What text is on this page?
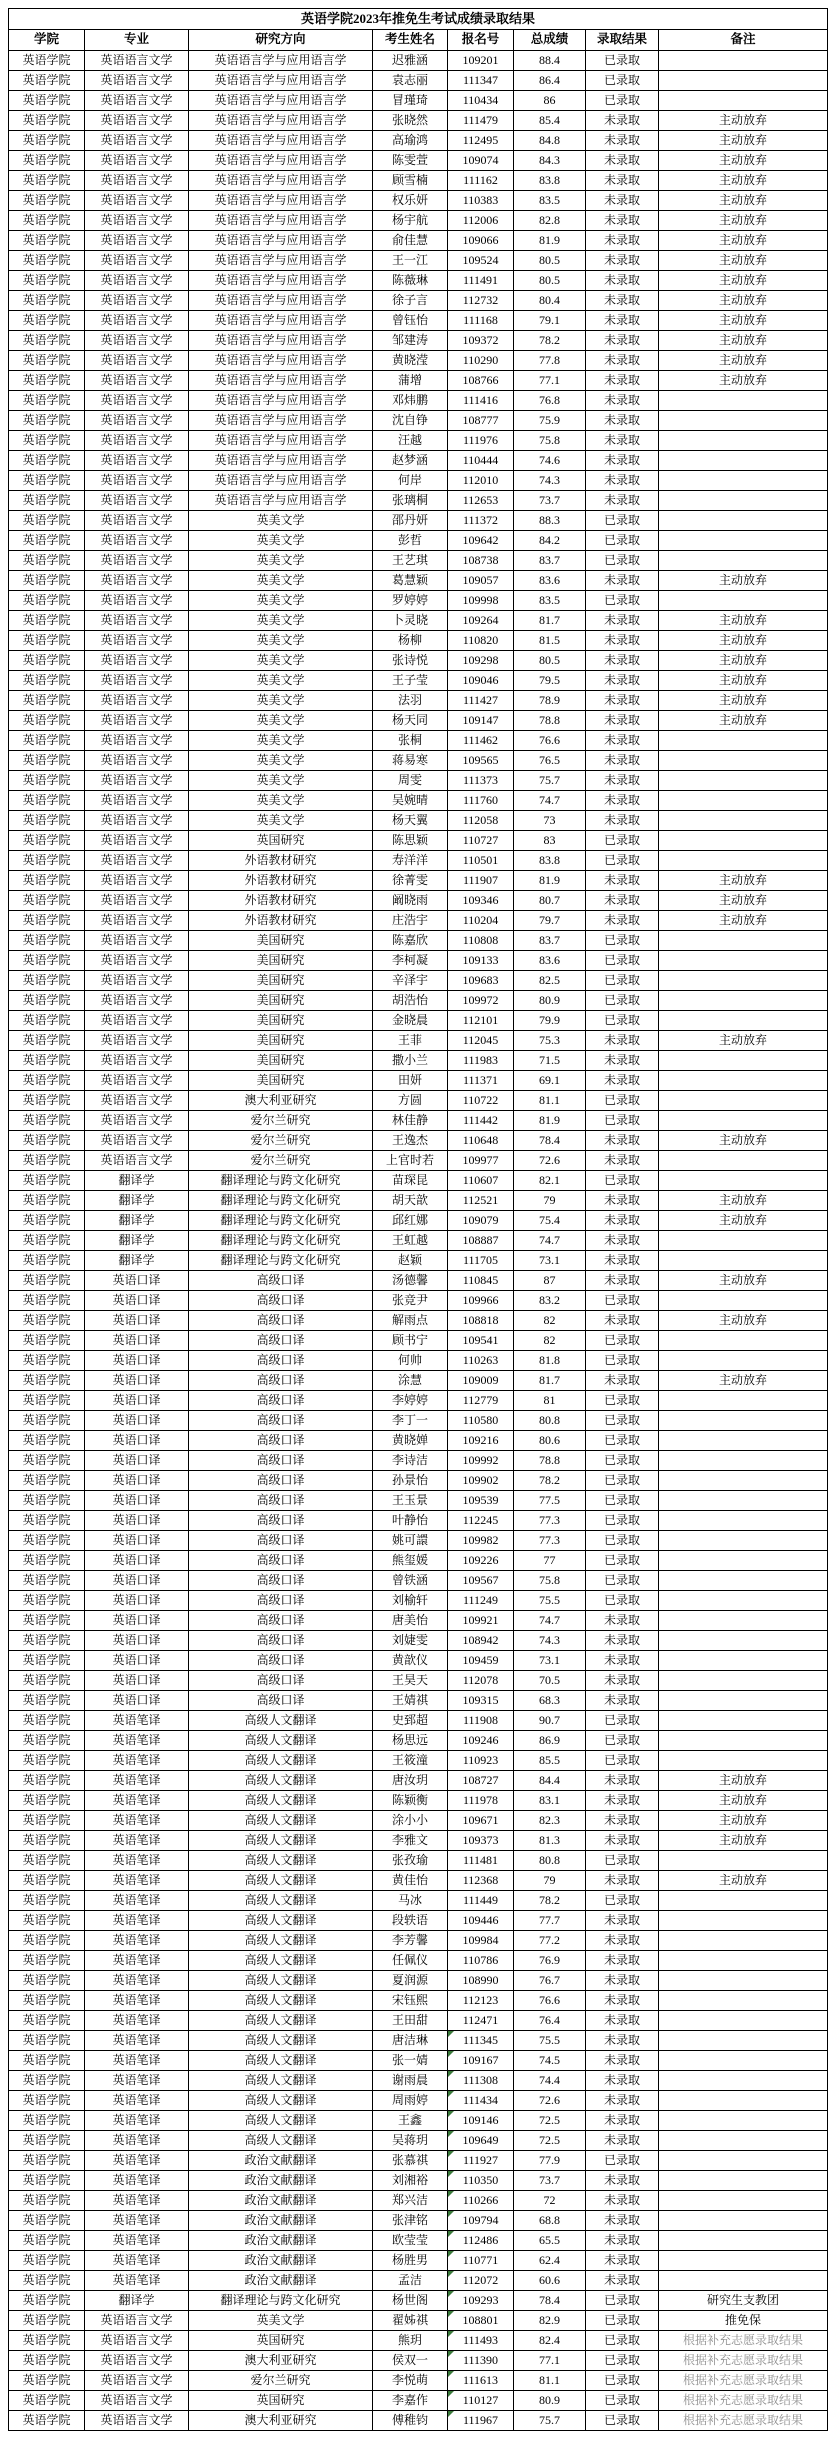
英语学院2023年推免生考试成绩录取结果							
学院	专业	研究方向	考生姓名	报名号	总成绩	录取结果	备注
英语学院	英语语言文学	英语语言学与应用语言学	迟雅涵	109201	88.4	已录取	
英语学院	英语语言文学	英语语言学与应用语言学	袁志丽	111347	86.4	已录取	
英语学院	英语语言文学	英语语言学与应用语言学	冒瑾琦	110434	86	已录取	
英语学院	英语语言文学	英语语言学与应用语言学	张晓然	111479	85.4	未录取	主动放弃
英语学院	英语语言文学	英语语言学与应用语言学	高瑜鸿	112495	84.8	未录取	主动放弃
英语学院	英语语言文学	英语语言学与应用语言学	陈雯萱	109074	84.3	未录取	主动放弃
英语学院	英语语言文学	英语语言学与应用语言学	顾雪楠	111162	83.8	未录取	主动放弃
英语学院	英语语言文学	英语语言学与应用语言学	权乐妍	110383	83.5	未录取	主动放弃
英语学院	英语语言文学	英语语言学与应用语言学	杨宇航	112006	82.8	未录取	主动放弃
英语学院	英语语言文学	英语语言学与应用语言学	俞佳慧	109066	81.9	未录取	主动放弃
英语学院	英语语言文学	英语语言学与应用语言学	王一江	109524	80.5	未录取	主动放弃
英语学院	英语语言文学	英语语言学与应用语言学	陈薇琳	111491	80.5	未录取	主动放弃
英语学院	英语语言文学	英语语言学与应用语言学	徐子言	112732	80.4	未录取	主动放弃
英语学院	英语语言文学	英语语言学与应用语言学	曾钰怡	111168	79.1	未录取	主动放弃
英语学院	英语语言文学	英语语言学与应用语言学	邹建涛	109372	78.2	未录取	主动放弃
英语学院	英语语言文学	英语语言学与应用语言学	黄晓滢	110290	77.8	未录取	主动放弃
英语学院	英语语言文学	英语语言学与应用语言学	蒲增	108766	77.1	未录取	主动放弃
英语学院	英语语言文学	英语语言学与应用语言学	邓炜鹏	111416	76.8	未录取	
英语学院	英语语言文学	英语语言学与应用语言学	沈自铮	108777	75.9	未录取	
英语学院	英语语言文学	英语语言学与应用语言学	汪越	111976	75.8	未录取	
英语学院	英语语言文学	英语语言学与应用语言学	赵梦涵	110444	74.6	未录取	
英语学院	英语语言文学	英语语言学与应用语言学	何岸	112010	74.3	未录取	
英语学院	英语语言文学	英语语言学与应用语言学	张璃桐	112653	73.7	未录取	
英语学院	英语语言文学	英美文学	邵丹妍	111372	88.3	已录取	
英语学院	英语语言文学	英美文学	彭哲	109642	84.2	已录取	
英语学院	英语语言文学	英美文学	王艺琪	108738	83.7	已录取	
英语学院	英语语言文学	英美文学	葛慧颖	109057	83.6	未录取	主动放弃
英语学院	英语语言文学	英美文学	罗婷婷	109998	83.5	已录取	
英语学院	英语语言文学	英美文学	卜灵晓	109264	81.7	未录取	主动放弃
英语学院	英语语言文学	英美文学	杨柳	110820	81.5	未录取	主动放弃
英语学院	英语语言文学	英美文学	张诗悦	109298	80.5	未录取	主动放弃
英语学院	英语语言文学	英美文学	王子莹	109046	79.5	未录取	主动放弃
英语学院	英语语言文学	英美文学	法羽	111427	78.9	未录取	主动放弃
英语学院	英语语言文学	英美文学	杨天同	109147	78.8	未录取	主动放弃
英语学院	英语语言文学	英美文学	张桐	111462	76.6	未录取	
英语学院	英语语言文学	英美文学	蒋易寒	109565	76.5	未录取	
英语学院	英语语言文学	英美文学	周雯	111373	75.7	未录取	
英语学院	英语语言文学	英美文学	吴婉晴	111760	74.7	未录取	
英语学院	英语语言文学	英美文学	杨天翼	112058	73	未录取	
英语学院	英语语言文学	英国研究	陈思颖	110727	83	已录取	
英语学院	英语语言文学	外语教材研究	寿洋洋	110501	83.8	已录取	
英语学院	英语语言文学	外语教材研究	徐菁雯	111907	81.9	未录取	主动放弃
英语学院	英语语言文学	外语教材研究	阚晓雨	109346	80.7	未录取	主动放弃
英语学院	英语语言文学	外语教材研究	庄浩宇	110204	79.7	未录取	主动放弃
英语学院	英语语言文学	美国研究	陈嘉欣	110808	83.7	已录取	
英语学院	英语语言文学	美国研究	李柯凝	109133	83.6	已录取	
英语学院	英语语言文学	美国研究	辛泽宇	109683	82.5	已录取	
英语学院	英语语言文学	美国研究	胡浩怡	109972	80.9	已录取	
英语学院	英语语言文学	美国研究	金晓晨	112101	79.9	已录取	
英语学院	英语语言文学	美国研究	王菲	112045	75.3	未录取	主动放弃
英语学院	英语语言文学	美国研究	撒小兰	111983	71.5	未录取	
英语学院	英语语言文学	美国研究	田妍	111371	69.1	未录取	
英语学院	英语语言文学	澳大利亚研究	方圆	110722	81.1	已录取	
英语学院	英语语言文学	爱尔兰研究	林佳静	111442	81.9	已录取	
英语学院	英语语言文学	爱尔兰研究	王逸杰	110648	78.4	未录取	主动放弃
英语学院	英语语言文学	爱尔兰研究	上官时若	109977	72.6	未录取	
英语学院	翻译学	翻译理论与跨文化研究	苗琛昆	110607	82.1	已录取	
英语学院	翻译学	翻译理论与跨文化研究	胡天歆	112521	79	未录取	主动放弃
英语学院	翻译学	翻译理论与跨文化研究	邱红娜	109079	75.4	未录取	主动放弃
英语学院	翻译学	翻译理论与跨文化研究	王虹越	108887	74.7	未录取	
英语学院	翻译学	翻译理论与跨文化研究	赵颖	111705	73.1	未录取	
英语学院	英语口译	高级口译	汤德馨	110845	87	未录取	主动放弃
英语学院	英语口译	高级口译	张竞尹	109966	83.2	已录取	
英语学院	英语口译	高级口译	解雨点	108818	82	未录取	主动放弃
英语学院	英语口译	高级口译	顾书宁	109541	82	已录取	
英语学院	英语口译	高级口译	何帅	110263	81.8	已录取	
英语学院	英语口译	高级口译	涂慧	109009	81.7	未录取	主动放弃
英语学院	英语口译	高级口译	李婷婷	112779	81	已录取	
英语学院	英语口译	高级口译	李丁一	110580	80.8	已录取	
英语学院	英语口译	高级口译	黄晓婵	109216	80.6	已录取	
英语学院	英语口译	高级口译	李诗洁	109992	78.8	已录取	
英语学院	英语口译	高级口译	孙景怡	109902	78.2	已录取	
英语学院	英语口译	高级口译	王玉景	109539	77.5	已录取	
英语学院	英语口译	高级口译	叶静怡	112245	77.3	已录取	
英语学院	英语口译	高级口译	姚可譞	109982	77.3	已录取	
英语学院	英语口译	高级口译	熊玺媛	109226	77	已录取	
英语学院	英语口译	高级口译	曾铁涵	109567	75.8	已录取	
英语学院	英语口译	高级口译	刘榆轩	111249	75.5	已录取	
英语学院	英语口译	高级口译	唐美怡	109921	74.7	未录取	
英语学院	英语口译	高级口译	刘婕雯	108942	74.3	未录取	
英语学院	英语口译	高级口译	黄歆仪	109459	73.1	未录取	
英语学院	英语口译	高级口译	王昊天	112078	70.5	未录取	
英语学院	英语口译	高级口译	王婧祺	109315	68.3	未录取	
英语学院	英语笔译	高级人文翻译	史郅超	111908	90.7	已录取	
英语学院	英语笔译	高级人文翻译	杨思远	109246	86.9	已录取	
英语学院	英语笔译	高级人文翻译	王筱潼	110923	85.5	已录取	
英语学院	英语笔译	高级人文翻译	唐汝玥	108727	84.4	未录取	主动放弃
英语学院	英语笔译	高级人文翻译	陈颖衡	111978	83.1	未录取	主动放弃
英语学院	英语笔译	高级人文翻译	涂小小	109671	82.3	未录取	主动放弃
英语学院	英语笔译	高级人文翻译	李雅文	109373	81.3	未录取	主动放弃
英语学院	英语笔译	高级人文翻译	张孜瑜	111481	80.8	已录取	
英语学院	英语笔译	高级人文翻译	黄佳怡	112368	79	未录取	主动放弃
英语学院	英语笔译	高级人文翻译	马冰	111449	78.2	已录取	
英语学院	英语笔译	高级人文翻译	段轶语	109446	77.7	未录取	
英语学院	英语笔译	高级人文翻译	李芳馨	109984	77.2	未录取	
英语学院	英语笔译	高级人文翻译	任佩仪	110786	76.9	未录取	
英语学院	英语笔译	高级人文翻译	夏润源	108990	76.7	未录取	
英语学院	英语笔译	高级人文翻译	宋钰熙	112123	76.6	未录取	
英语学院	英语笔译	高级人文翻译	王田甜	112471	76.4	未录取	
英语学院	英语笔译	高级人文翻译	唐洁琳	111345	75.5	未录取	
英语学院	英语笔译	高级人文翻译	张一婧	109167	74.5	未录取	
英语学院	英语笔译	高级人文翻译	谢雨晨	111308	74.4	未录取	
英语学院	英语笔译	高级人文翻译	周雨婷	111434	72.6	未录取	
英语学院	英语笔译	高级人文翻译	王鑫	109146	72.5	未录取	
英语学院	英语笔译	高级人文翻译	吴蒋玥	109649	72.5	未录取	
英语学院	英语笔译	政治文献翻译	张慕祺	111927	77.9	已录取	
英语学院	英语笔译	政治文献翻译	刘湘裕	110350	73.7	未录取	
英语学院	英语笔译	政治文献翻译	郑兴洁	110266	72	未录取	
英语学院	英语笔译	政治文献翻译	张津铭	109794	68.8	未录取	
英语学院	英语笔译	政治文献翻译	欧莹莹	112486	65.5	未录取	
英语学院	英语笔译	政治文献翻译	杨胜男	110771	62.4	未录取	
英语学院	英语笔译	政治文献翻译	孟洁	112072	60.6	未录取	
英语学院	翻译学	翻译理论与跨文化研究	杨世阁	109293	78.4	已录取	研究生支教团
英语学院	英语语言文学	英美文学	翟姊祺	108801	82.9	已录取	推免保
英语学院	英语语言文学	英国研究	熊玥	111493	82.4	已录取	根据补充志愿录取结果
英语学院	英语语言文学	澳大利亚研究	侯双一	111390	77.1	已录取	根据补充志愿录取结果
英语学院	英语语言文学	爱尔兰研究	李悦萌	111613	81.1	已录取	根据补充志愿录取结果
英语学院	英语语言文学	英国研究	李嘉作	110127	80.9	已录取	根据补充志愿录取结果
英语学院	英语语言文学	澳大利亚研究	傅稚钧	111967	75.7	已录取	根据补充志愿录取结果
